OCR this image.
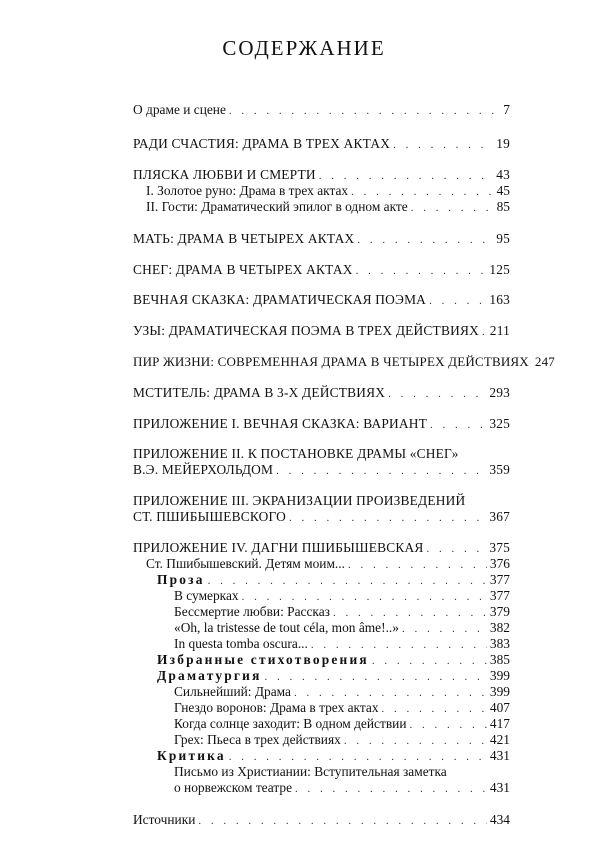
СОДЕРЖАНИЕ
О драме и сцене . . .	7
РАДИ СЧАСТИЯ: ДРАМА В ТРЕХ АКТАХ . . .	19
ПЛЯСКА ЛЮБВИ И СМЕРТИ . . .	43
I. Золотое руно: Драма в трех актах . . .	45
II. Гости: Драматический эпилог в одном акте . . .	85
МАТЬ: ДРАМА В ЧЕТЫРЕХ АКТАХ . . .	95
СНЕГ: ДРАМА В ЧЕТЫРЕХ АКТАХ . . .	125
ВЕЧНАЯ СКАЗКА: ДРАМАТИЧЕСКАЯ ПОЭМА . . .	163
УЗЫ: ДРАМАТИЧЕСКАЯ ПОЭМА В ТРЕХ ДЕЙСТВИЯХ . . . 211
ПИР ЖИЗНИ: СОВРЕМЕННАЯ ДРАМА В ЧЕТЫРЕХ ДЕЙСТВИЯХ 247
МСТИТЕЛЬ: ДРАМА В 3-Х ДЕЙСТВИЯХ . . .	293
ПРИЛОЖЕНИЕ I. ВЕЧНАЯ СКАЗКА: ВАРИАНТ . . .	325
ПРИЛОЖЕНИЕ II. К ПОСТАНОВКЕ ДРАМЫ «СНЕГ»
В.Э. МЕЙЕРХОЛЬДОМ . . .	359
ПРИЛОЖЕНИЕ III. ЭКРАНИЗАЦИИ ПРОИЗВЕДЕНИЙ
СТ. ПШИБЫШЕВСКОГО . . .	367
ПРИЛОЖЕНИЕ IV. ДАГНИ ПШИБЫШЕВСКАЯ . . .	375
Ст. Пшибышевский. Детям моим... . . .	376
Проза . . .	377
В сумерках . . .	377
Бессмертие любви: Рассказ . . .	379
«Oh, la tristesse de tout céla, mon âme!..» . . .	382
In questa tomba oscura... . . .	383
Избранные стихотворения . . .	385
Драматургия . . .	399
Сильнейший: Драма . . .	399
Гнездо воронов: Драма в трех актах . . .	407
Когда солнце заходит: В одном действии . . .	417
Грех: Пьеса в трех действиях . . .	421
Критика . . .	431
Письмо из Христиании: Вступительная заметка
о норвежском театре . . .	431
Источники . . .	434
